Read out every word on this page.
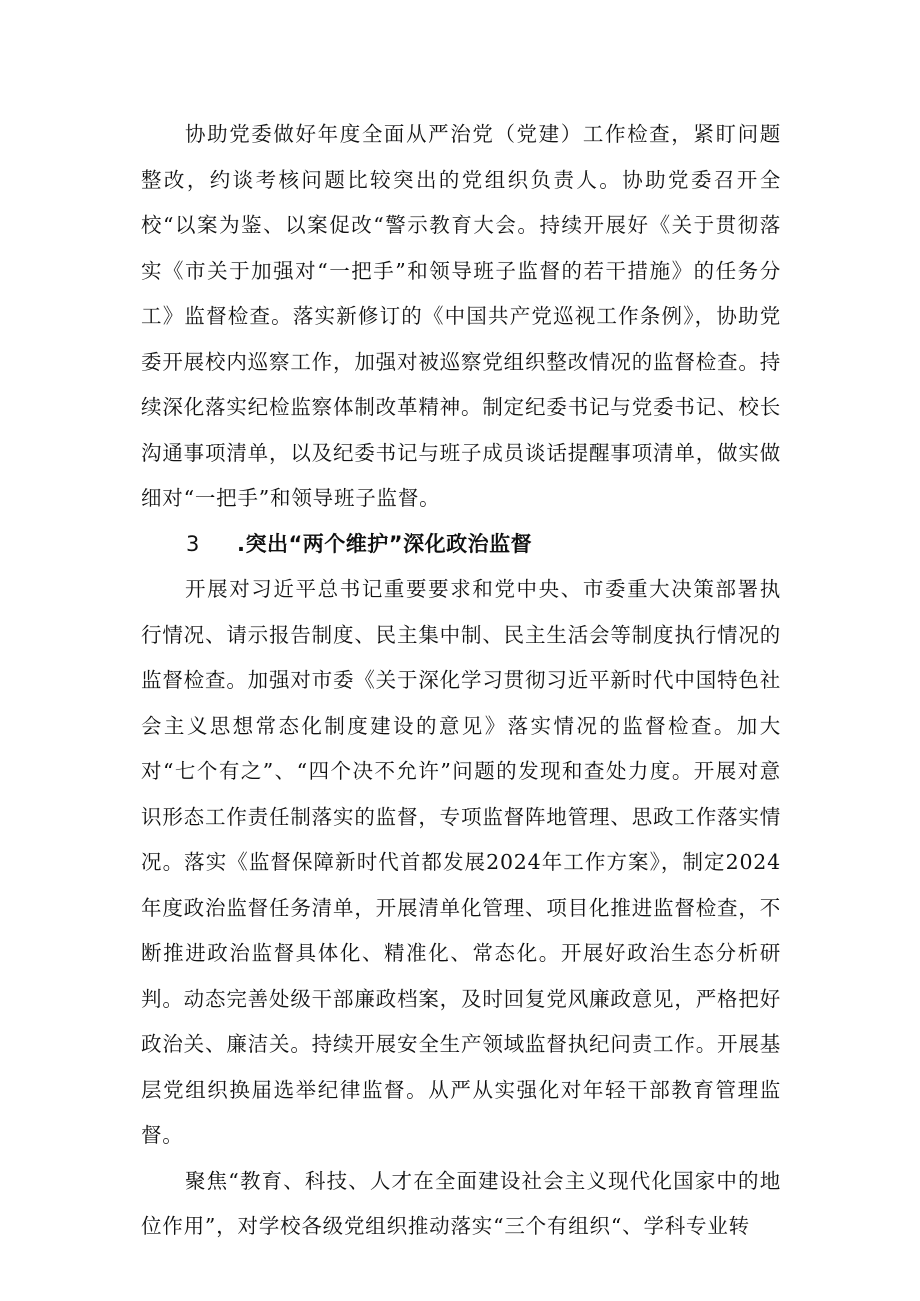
协助党委做好年度全面从严治党（党建）工作检查，紧盯问题整改，约谈考核问题比较突出的党组织负责人。协助党委召开全校“以案为鉴、以案促改“警示教育大会。持续开展好《关于贯彻落实《市关于加强对“一把手”和领导班子监督的若干措施》的任务分工》监督检查。落实新修订的《中国共产党巡视工作条例》，协助党委开展校内巡察工作，加强对被巡察党组织整改情况的监督检查。持续深化落实纪检监察体制改革精神。制定纪委书记与党委书记、校长沟通事项清单，以及纪委书记与班子成员谈话提醒事项清单，做实做细对“一把手”和领导班子监督。

3 .突出“两个维护”深化政治监督

开展对习近平总书记重要要求和党中央、市委重大决策部署执行情况、请示报告制度、民主集中制、民主生活会等制度执行情况的监督检查。加强对市委《关于深化学习贯彻习近平新时代中国特色社会主义思想常态化制度建设的意见》落实情况的监督检查。加大对“七个有之”、“四个决不允许”问题的发现和查处力度。开展对意识形态工作责任制落实的监督，专项监督阵地管理、思政工作落实情况。落实《监督保障新时代首都发展2024年工作方案》，制定2024年度政治监督任务清单，开展清单化管理、项目化推进监督检查，不断推进政治监督具体化、精准化、常态化。开展好政治生态分析研判。动态完善处级干部廉政档案，及时回复党风廉政意见，严格把好政治关、廉洁关。持续开展安全生产领域监督执纪问责工作。开展基层党组织换届选举纪律监督。从严从实强化对年轻干部教育管理监督。

聚焦“教育、科技、人才在全面建设社会主义现代化国家中的地位作用”，对学校各级党组织推动落实“三个有组织“、学科专业转
